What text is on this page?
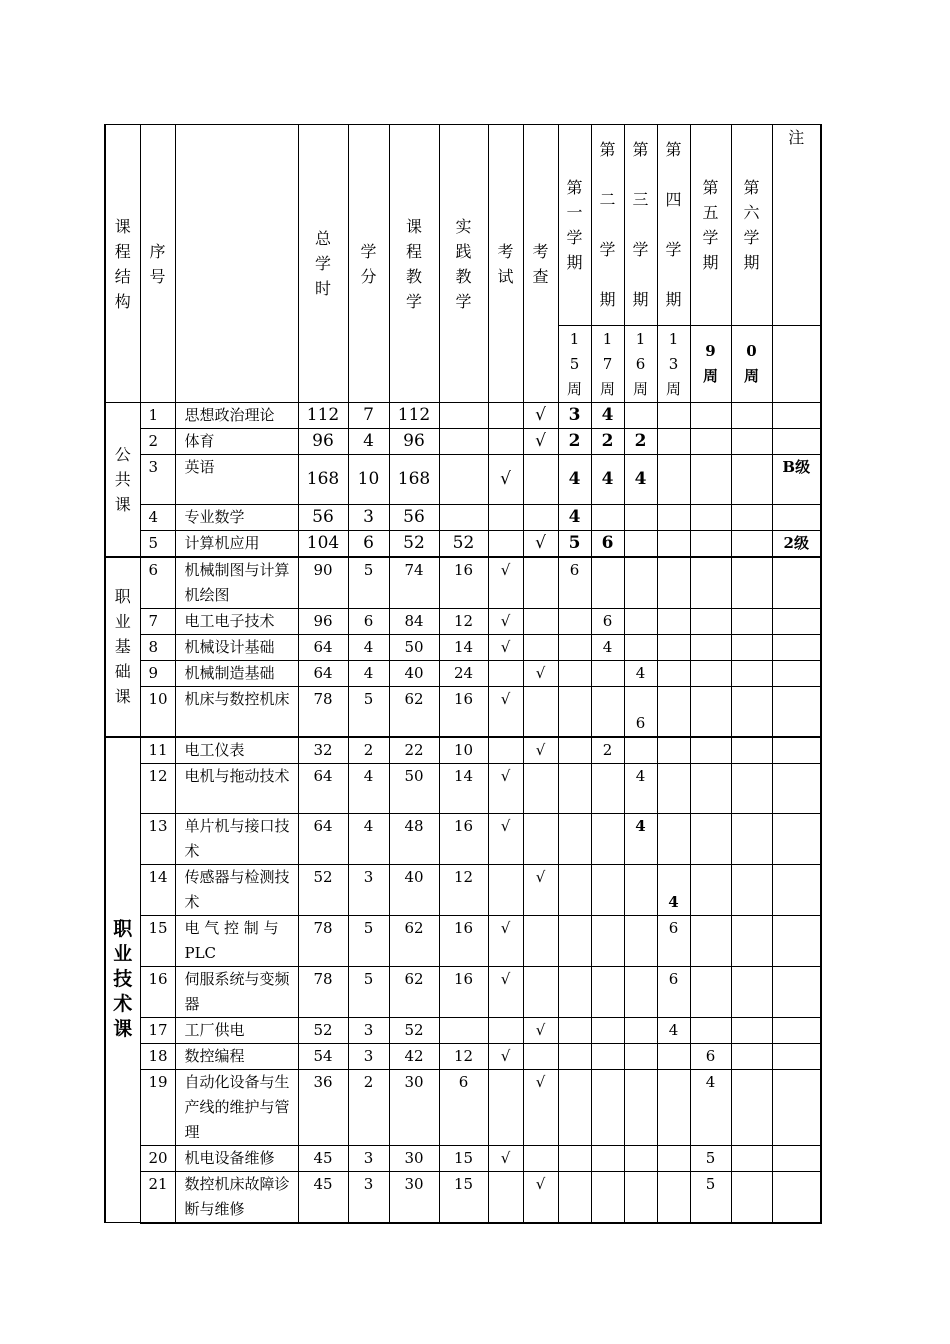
课程结构	序号		总学时	学分	课程教学	实践教学	考试	考查	第一学期	第二学期	第三学期	第四学期	第五学期	第六学期	注
									15周	17周	16周	13周	9周	0周	
公共课	1	思想政治理论	112	7	112			√	3	4					
	2	体育	96	4	96			√	2	2	2				
	3	英语	168	10	168		√		4	4	4				B级
	4	专业数学	56	3	56				4						
	5	计算机应用	104	6	52	52		√	5	6					2级
职业基础课	6	机械制图与计算机绘图	90	5	74	16	√		6						
	7	电工电子技术	96	6	84	12	√			6					
	8	机械设计基础	64	4	50	14	√			4					
	9	机械制造基础	64	4	40	24		√			4				
	10	机床与数控机床	78	5	62	16	√				6				
职业技术课	11	电工仪表	32	2	22	10		√		2					
	12	电机与拖动技术	64	4	50	14	√				4				
	13	单片机与接口技术	64	4	48	16	√				4				
	14	传感器与检测技术	52	3	40	12		√				4			
	15	电 气 控 制 与PLC	78	5	62	16	√					6			
	16	伺服系统与变频器	78	5	62	16	√					6			
	17	工厂供电	52	3	52			√				4			
	18	数控编程	54	3	42	12	√						6		
	19	自动化设备与生产线的维护与管理	36	2	30	6		√					4		
	20	机电设备维修	45	3	30	15	√						5		
	21	数控机床故障诊断与维修	45	3	30	15		√					5		
